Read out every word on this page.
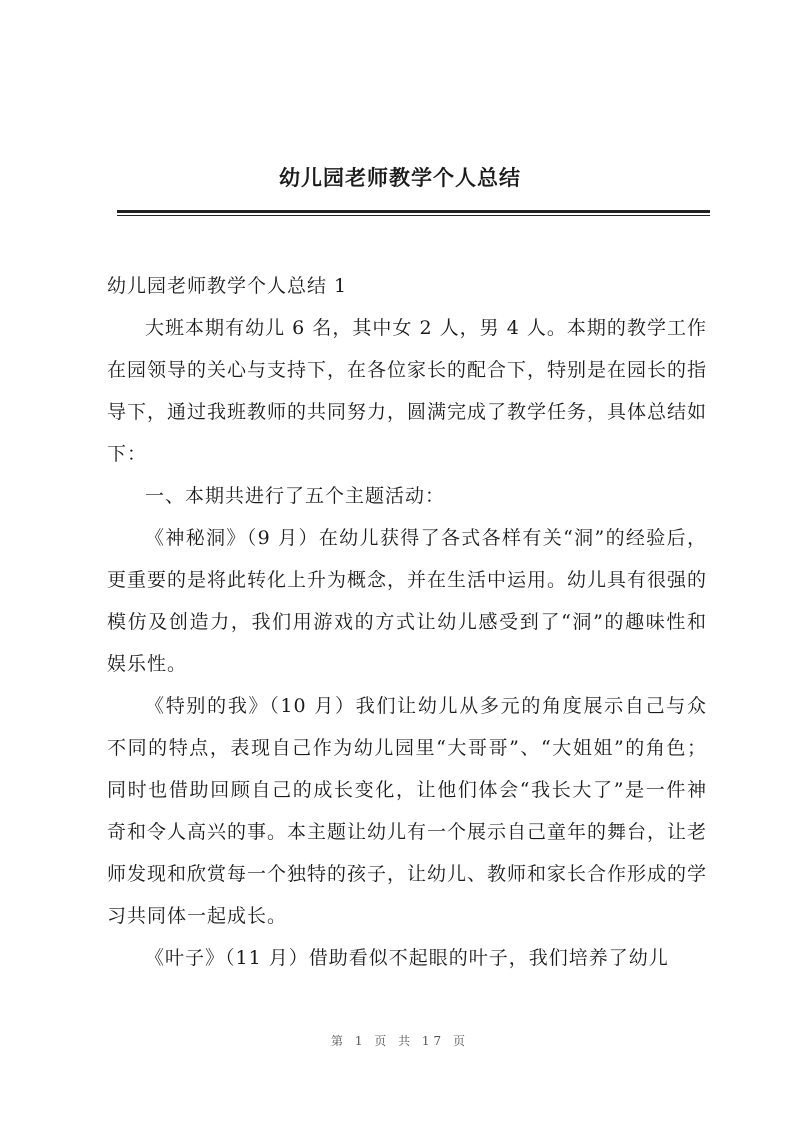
幼儿园老师教学个人总结

幼儿园老师教学个人总结 1

大班本期有幼儿 6 名，其中女 2 人，男 4 人。本期的教学工作在园领导的关心与支持下，在各位家长的配合下，特别是在园长的指导下，通过我班教师的共同努力，圆满完成了教学任务，具体总结如下：

一、本期共进行了五个主题活动：

《神秘洞》（9 月）在幼儿获得了各式各样有关“洞”的经验后，更重要的是将此转化上升为概念，并在生活中运用。幼儿具有很强的模仿及创造力，我们用游戏的方式让幼儿感受到了“洞”的趣味性和娱乐性。

《特别的我》（10 月）我们让幼儿从多元的角度展示自己与众不同的特点，表现自己作为幼儿园里“大哥哥”、“大姐姐”的角色；同时也借助回顾自己的成长变化，让他们体会“我长大了”是一件神奇和令人高兴的事。本主题让幼儿有一个展示自己童年的舞台，让老师发现和欣赏每一个独特的孩子，让幼儿、教师和家长合作形成的学习共同体一起成长。

《叶子》（11 月）借助看似不起眼的叶子，我们培养了幼儿

第 1 页 共 17 页
